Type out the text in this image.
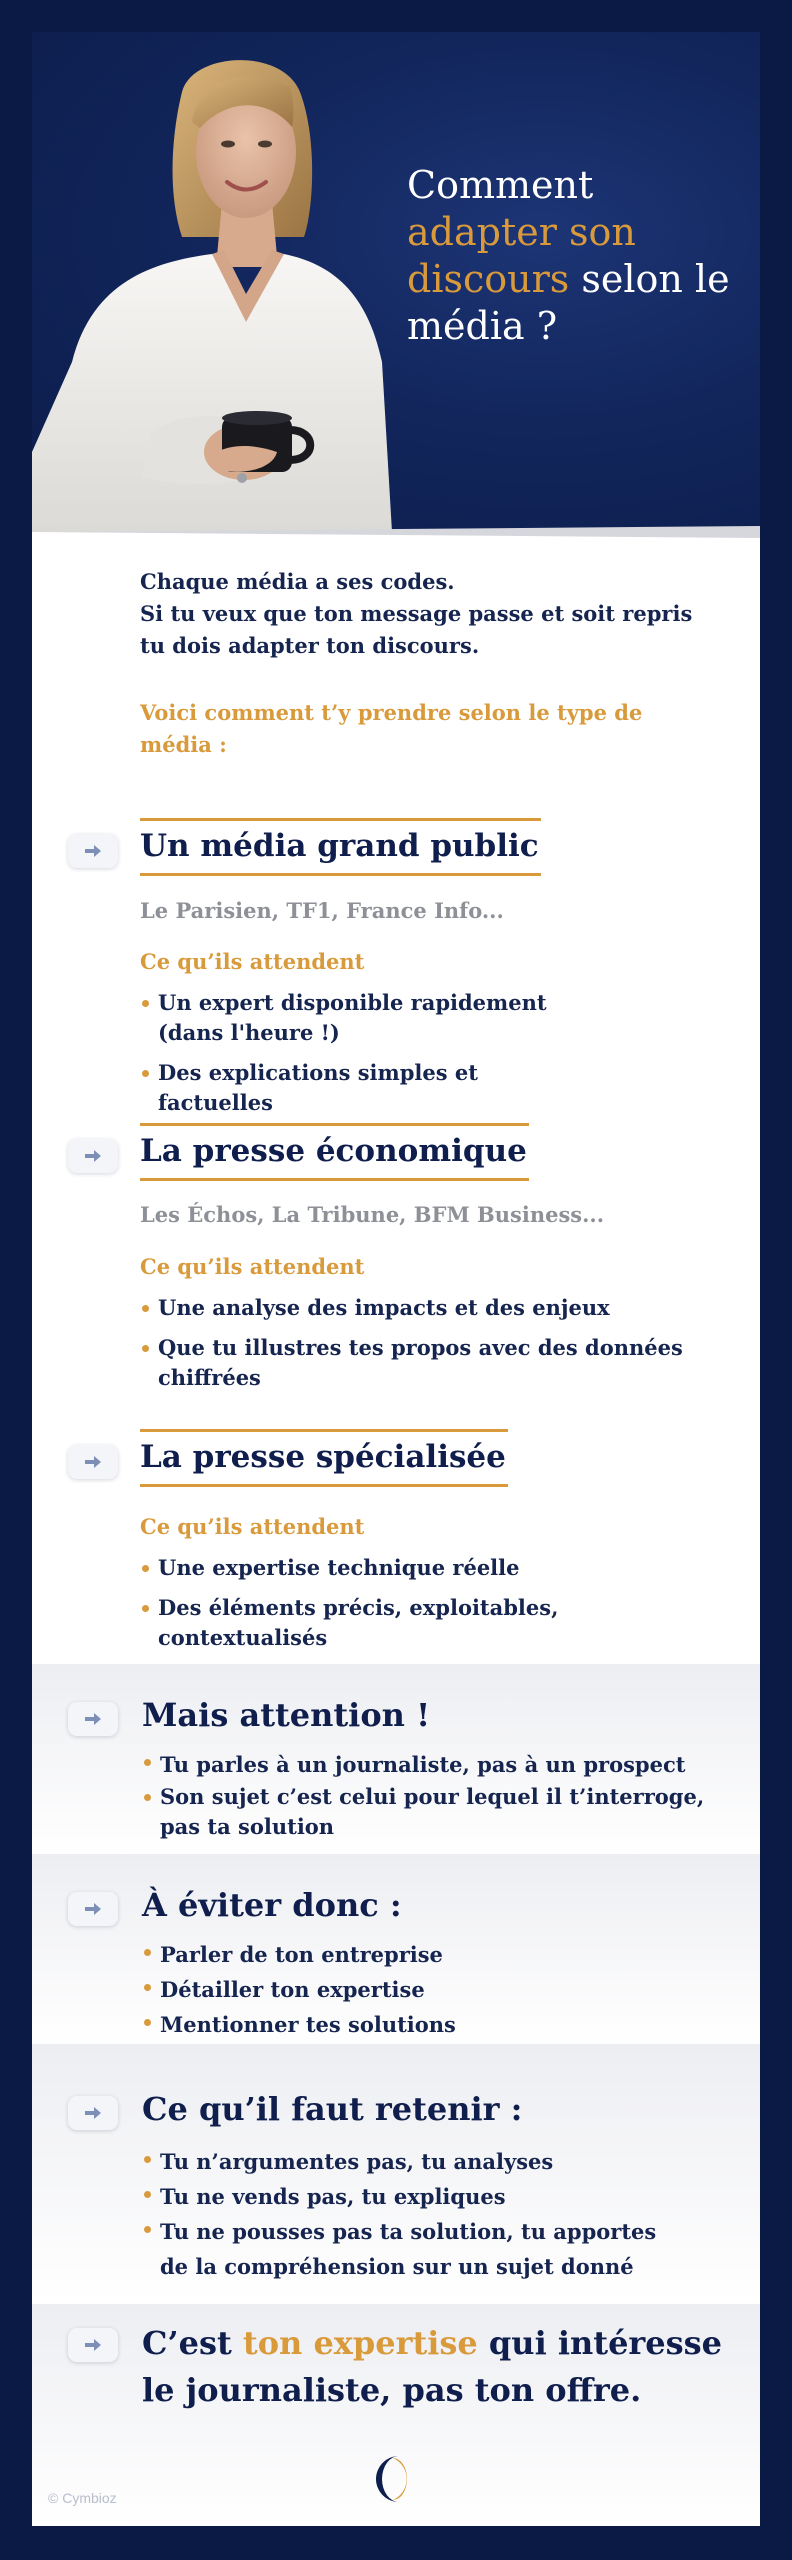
Comment
adapter son discours selon le média ?

Chaque média a ses codes.
Si tu veux que ton message passe et soit repris tu dois adapter ton discours.

Voici comment t’y prendre selon le type de média :

Un média grand public

Le Parisien, TF1, France Info...

Ce qu’ils attendent

Un expert disponible rapidement (dans l'heure !)
Des explications simples et factuelles
La presse économique

Les Échos, La Tribune, BFM Business...

Ce qu’ils attendent

Une analyse des impacts et des enjeux
Que tu illustres tes propos avec des données chiffrées
La presse spécialisée

Ce qu’ils attendent

Une expertise technique réelle
Des éléments précis, exploitables, contextualisés
Mais attention !
Tu parles à un journaliste, pas à un prospect
Son sujet c’est celui pour lequel il t’interroge, pas ta solution
À éviter donc :
Parler de ton entreprise
Détailler ton expertise
Mentionner tes solutions
Ce qu’il faut retenir :
Tu n’argumentes pas, tu analyses
Tu ne vends pas, tu expliques
Tu ne pousses pas ta solution, tu apportes de la compréhension sur un sujet donné

C’est ton expertise qui intéresse le journaliste, pas ton offre.

© Cymbioz
